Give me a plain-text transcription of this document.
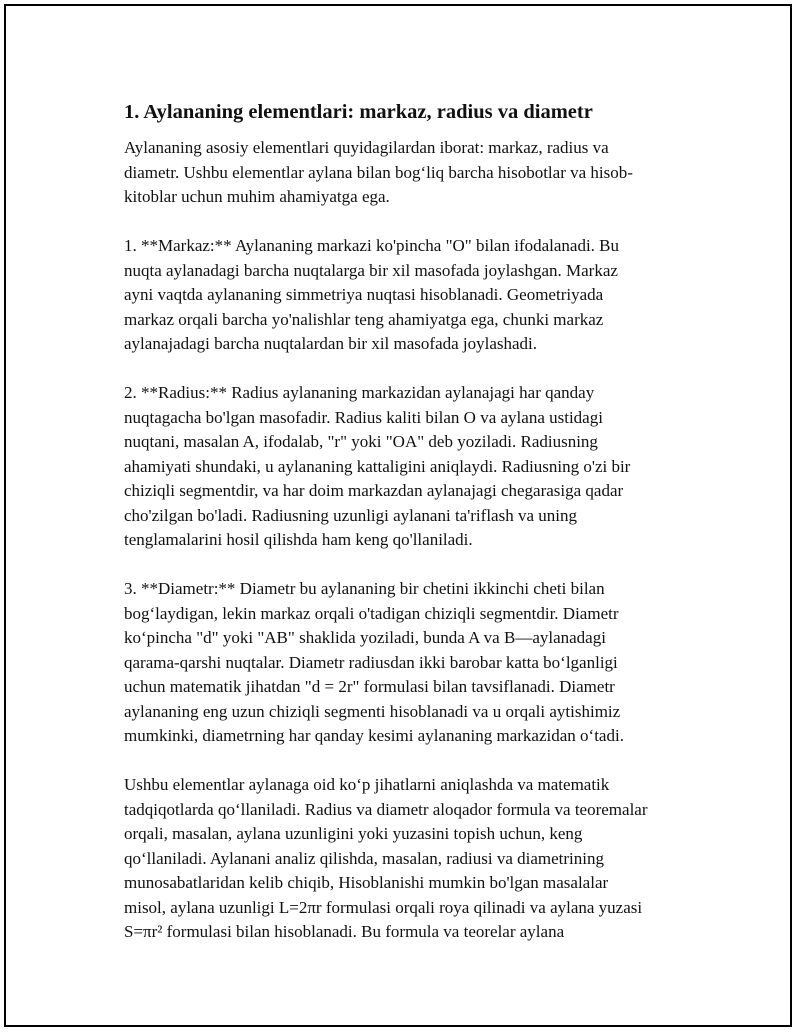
1. Aylananing elementlari: markaz, radius va diametr
Aylananing asosiy elementlari quyidagilardan iborat: markaz, radius va
diametr. Ushbu elementlar aylana bilan bog‘liq barcha hisobotlar va hisob-
kitoblar uchun muhim ahamiyatga ega.
1. **Markaz:** Aylananing markazi ko'pincha "O" bilan ifodalanadi. Bu
nuqta aylanadagi barcha nuqtalarga bir xil masofada joylashgan. Markaz
ayni vaqtda aylananing simmetriya nuqtasi hisoblanadi. Geometriyada
markaz orqali barcha yo'nalishlar teng ahamiyatga ega, chunki markaz
aylanajadagi barcha nuqtalardan bir xil masofada joylashadi.
2. **Radius:** Radius aylananing markazidan aylanajagi har qanday
nuqtagacha bo'lgan masofadir. Radius kaliti bilan O va aylana ustidagi
nuqtani, masalan A, ifodalab, "r" yoki "OA" deb yoziladi. Radiusning
ahamiyati shundaki, u aylananing kattaligini aniqlaydi. Radiusning o'zi bir
chiziqli segmentdir, va har doim markazdan aylanajagi chegarasiga qadar
cho'zilgan bo'ladi. Radiusning uzunligi aylanani ta'riflash va uning
tenglamalarini hosil qilishda ham keng qo'llaniladi.
3. **Diametr:** Diametr bu aylananing bir chetini ikkinchi cheti bilan
bog‘laydigan, lekin markaz orqali o'tadigan chiziqli segmentdir. Diametr
ko‘pincha "d" yoki "AB" shaklida yoziladi, bunda A va B—aylanadagi
qarama-qarshi nuqtalar. Diametr radiusdan ikki barobar katta bo‘lganligi
uchun matematik jihatdan "d = 2r" formulasi bilan tavsiflanadi. Diametr
aylananing eng uzun chiziqli segmenti hisoblanadi va u orqali aytishimiz
mumkinki, diametrning har qanday kesimi aylananing markazidan o‘tadi.
Ushbu elementlar aylanaga oid ko‘p jihatlarni aniqlashda va matematik
tadqiqotlarda qo‘llaniladi. Radius va diametr aloqador formula va teoremalar
orqali, masalan, aylana uzunligini yoki yuzasini topish uchun, keng
qo‘llaniladi. Aylanani analiz qilishda, masalan, radiusi va diametrining
munosabatlaridan kelib chiqib, Hisoblanishi mumkin bo'lgan masalalar
misol, aylana uzunligi L=2πr formulasi orqali roya qilinadi va aylana yuzasi
S=πr² formulasi bilan hisoblanadi. Bu formula va teorelar aylana
